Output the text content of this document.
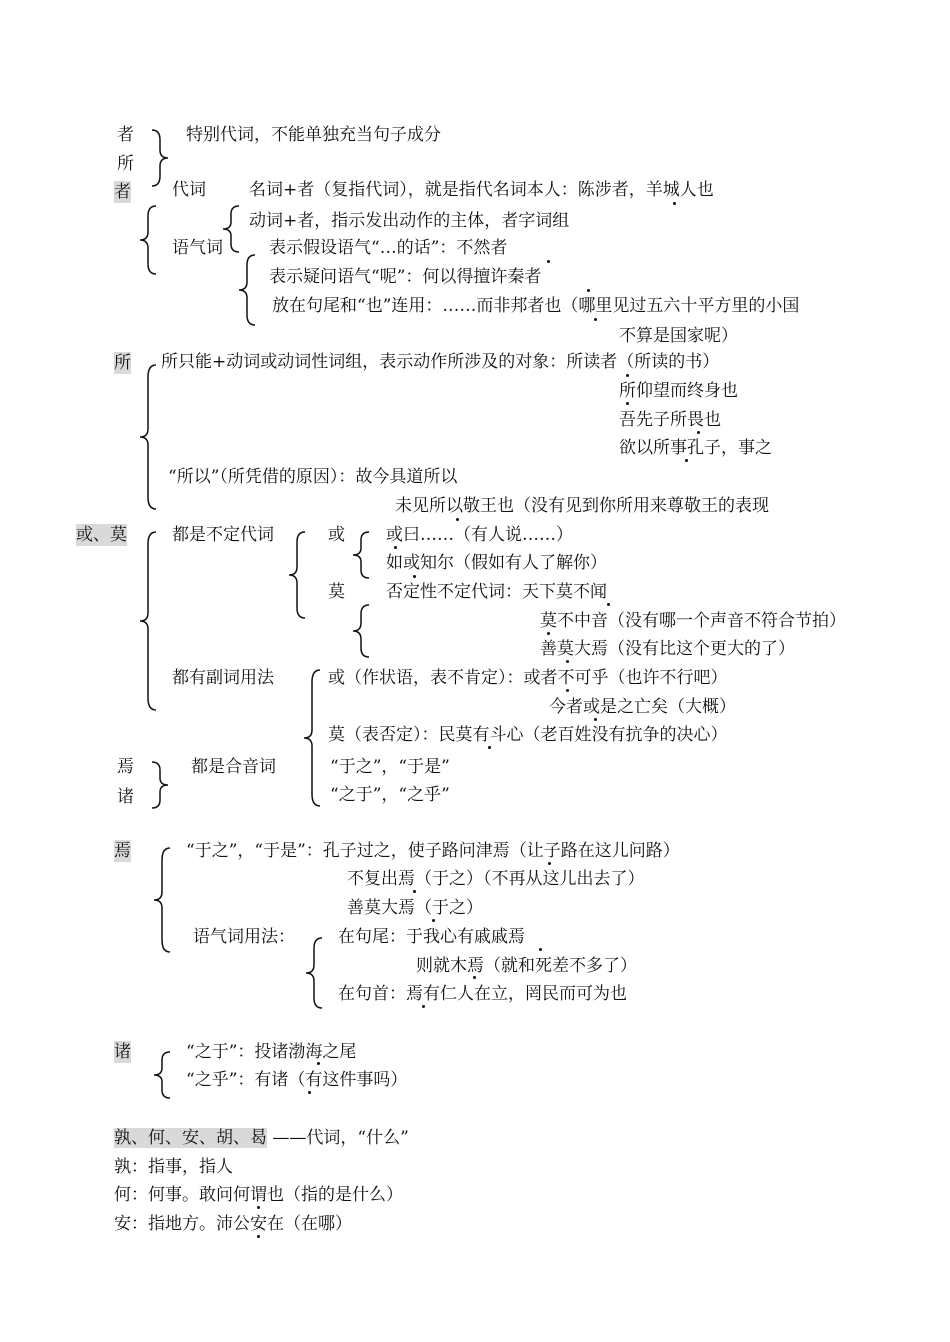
者
所
特别代词，不能单独充当句子成分
者 代词	名词+者（复指代词），就是指代名词本人：陈涉者，羊城人也
动词+者，指示发出动作的主体，者字词组
语气词	表示假设语气“…的话”：不然者
表示疑问语气“呢”：何以得擅许秦者
放在句尾和“也”连用：……而非邦者也（哪里见过五六十平方里的小国
不算是国家呢）
所 所只能+动词或动词性词组，表示动作所涉及的对象：所读者（所读的书）
所仰望而终身也
吾先子所畏也
欲以所事孔子，事之
“所以”（所凭借的原因）：故今具道所以
未见所以敬王也（没有见到你所用来尊敬王的表现
或、莫	都是不定代词	或 或曰……（有人说……）
如或知尔（假如有人了解你）
莫 否定性不定代词：天下莫不闻
莫不中音（没有哪一个声音不符合节拍）
善莫大焉（没有比这个更大的了）
都有副词用法	或（作状语，表不肯定）：或者不可乎（也许不行吧）
今者或是之亡矣（大概）
莫（表否定）：民莫有斗心（老百姓没有抗争的决心）
焉
诸
都是合音词	“于之”，“于是”
“之于”，“之乎”
焉	“于之”，“于是”：孔子过之，使子路问津焉（让子路在这儿问路）
不复出焉（于之）（不再从这儿出去了）
善莫大焉（于之）
语气词用法：	在句尾：于我心有戚戚焉
则就木焉（就和死差不多了）
在句首：焉有仁人在立，罔民而可为也
诸	“之于”：投诸渤海之尾
“之乎”：有诸（有这件事吗）
孰、何、安、胡、曷 ——代词，“什么”
孰：指事，指人
何：何事。敢问何谓也（指的是什么）
安：指地方。沛公安在（在哪）
